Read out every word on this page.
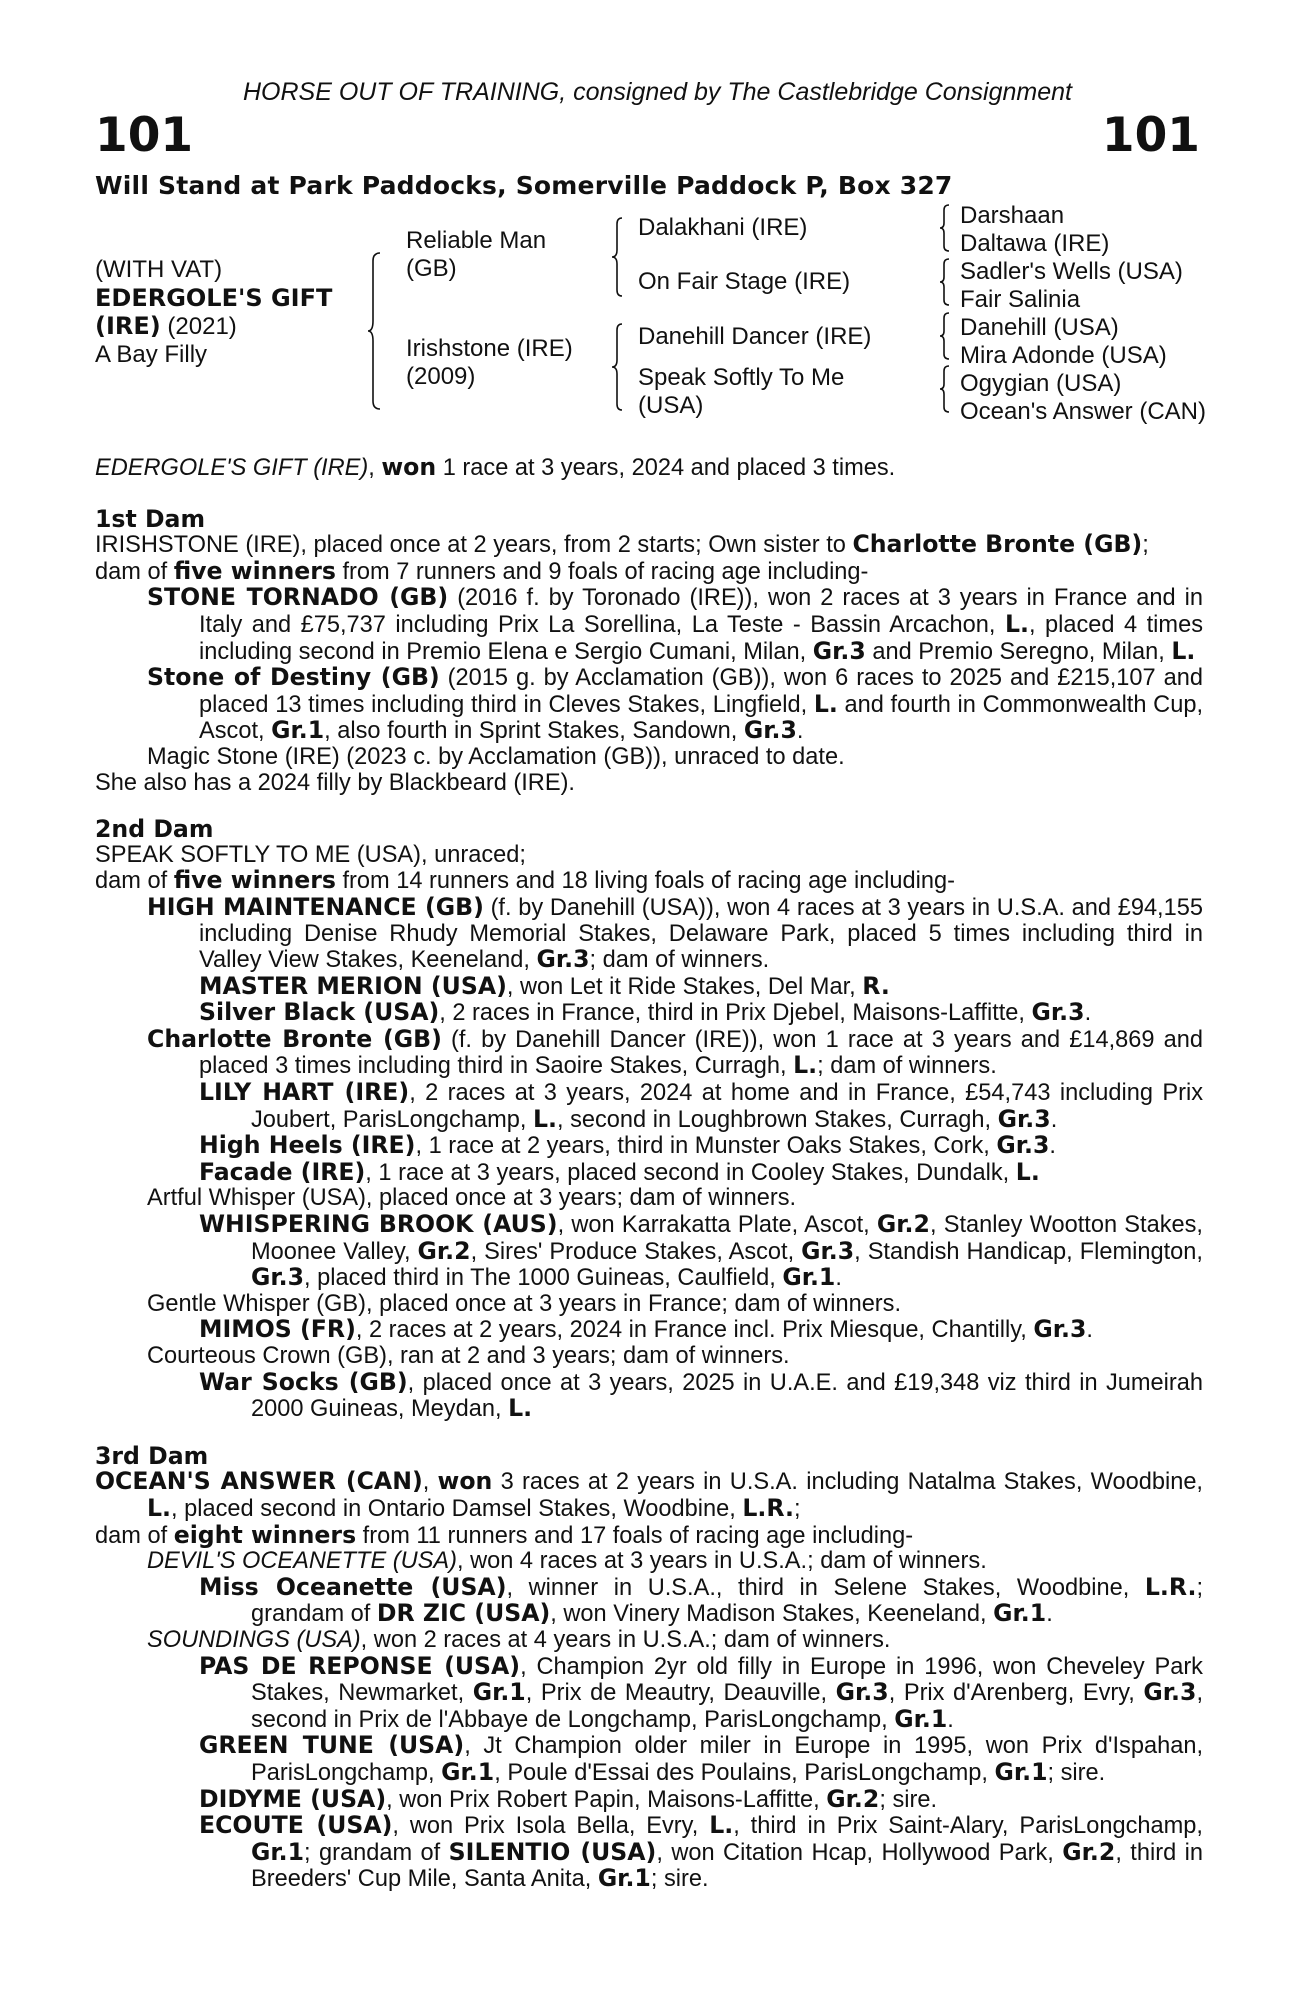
HORSE OUT OF TRAINING, consigned by The Castlebridge Consignment
101	101
Will Stand at Park Paddocks, Somerville Paddock P, Box 327
(WITH VAT)
EDERGOLE'S GIFT
(IRE) (2021)
A Bay Filly
Reliable Man
(GB)
Irishstone (IRE)
(2009)
Dalakhani (IRE)
On Fair Stage (IRE)
Danehill Dancer (IRE)
Speak Softly To Me
(USA)
Darshaan
Daltawa (IRE)
Sadler's Wells (USA)
Fair Salinia
Danehill (USA)
Mira Adonde (USA)
Ogygian (USA)
Ocean's Answer (CAN)
EDERGOLE'S GIFT (IRE), won 1 race at 3 years, 2024 and placed 3 times.
1st Dam
IRISHSTONE (IRE), placed once at 2 years, from 2 starts; Own sister to Charlotte Bronte (GB);
dam of five winners from 7 runners and 9 foals of racing age including-
STONE TORNADO (GB) (2016 f. by Toronado (IRE)), won 2 races at 3 years in France and in Italy and £75,737 including Prix La Sorellina, La Teste - Bassin Arcachon, L., placed 4 times including second in Premio Elena e Sergio Cumani, Milan, Gr.3 and Premio Seregno, Milan, L.
Stone of Destiny (GB) (2015 g. by Acclamation (GB)), won 6 races to 2025 and £215,107 and placed 13 times including third in Cleves Stakes, Lingfield, L. and fourth in Commonwealth Cup, Ascot, Gr.1, also fourth in Sprint Stakes, Sandown, Gr.3.
Magic Stone (IRE) (2023 c. by Acclamation (GB)), unraced to date.
She also has a 2024 filly by Blackbeard (IRE).
2nd Dam
SPEAK SOFTLY TO ME (USA), unraced;
dam of five winners from 14 runners and 18 living foals of racing age including-
HIGH MAINTENANCE (GB) (f. by Danehill (USA)), won 4 races at 3 years in U.S.A. and £94,155 including Denise Rhudy Memorial Stakes, Delaware Park, placed 5 times including third in Valley View Stakes, Keeneland, Gr.3; dam of winners.
MASTER MERION (USA), won Let it Ride Stakes, Del Mar, R.
Silver Black (USA), 2 races in France, third in Prix Djebel, Maisons-Laffitte, Gr.3.
Charlotte Bronte (GB) (f. by Danehill Dancer (IRE)), won 1 race at 3 years and £14,869 and placed 3 times including third in Saoire Stakes, Curragh, L.; dam of winners.
LILY HART (IRE), 2 races at 3 years, 2024 at home and in France, £54,743 including Prix Joubert, ParisLongchamp, L., second in Loughbrown Stakes, Curragh, Gr.3.
High Heels (IRE), 1 race at 2 years, third in Munster Oaks Stakes, Cork, Gr.3.
Facade (IRE), 1 race at 3 years, placed second in Cooley Stakes, Dundalk, L.
Artful Whisper (USA), placed once at 3 years; dam of winners.
WHISPERING BROOK (AUS), won Karrakatta Plate, Ascot, Gr.2, Stanley Wootton Stakes, Moonee Valley, Gr.2, Sires' Produce Stakes, Ascot, Gr.3, Standish Handicap, Flemington, Gr.3, placed third in The 1000 Guineas, Caulfield, Gr.1.
Gentle Whisper (GB), placed once at 3 years in France; dam of winners.
MIMOS (FR), 2 races at 2 years, 2024 in France incl. Prix Miesque, Chantilly, Gr.3.
Courteous Crown (GB), ran at 2 and 3 years; dam of winners.
War Socks (GB), placed once at 3 years, 2025 in U.A.E. and £19,348 viz third in Jumeirah 2000 Guineas, Meydan, L.
3rd Dam
OCEAN'S ANSWER (CAN), won 3 races at 2 years in U.S.A. including Natalma Stakes, Woodbine, L., placed second in Ontario Damsel Stakes, Woodbine, L.R.;
dam of eight winners from 11 runners and 17 foals of racing age including-
DEVIL'S OCEANETTE (USA), won 4 races at 3 years in U.S.A.; dam of winners.
Miss Oceanette (USA), winner in U.S.A., third in Selene Stakes, Woodbine, L.R.; grandam of DR ZIC (USA), won Vinery Madison Stakes, Keeneland, Gr.1.
SOUNDINGS (USA), won 2 races at 4 years in U.S.A.; dam of winners.
PAS DE REPONSE (USA), Champion 2yr old filly in Europe in 1996, won Cheveley Park Stakes, Newmarket, Gr.1, Prix de Meautry, Deauville, Gr.3, Prix d'Arenberg, Evry, Gr.3, second in Prix de l'Abbaye de Longchamp, ParisLongchamp, Gr.1.
GREEN TUNE (USA), Jt Champion older miler in Europe in 1995, won Prix d'Ispahan, ParisLongchamp, Gr.1, Poule d'Essai des Poulains, ParisLongchamp, Gr.1; sire.
DIDYME (USA), won Prix Robert Papin, Maisons-Laffitte, Gr.2; sire.
ECOUTE (USA), won Prix Isola Bella, Evry, L., third in Prix Saint-Alary, ParisLongchamp, Gr.1; grandam of SILENTIO (USA), won Citation Hcap, Hollywood Park, Gr.2, third in Breeders' Cup Mile, Santa Anita, Gr.1; sire.
